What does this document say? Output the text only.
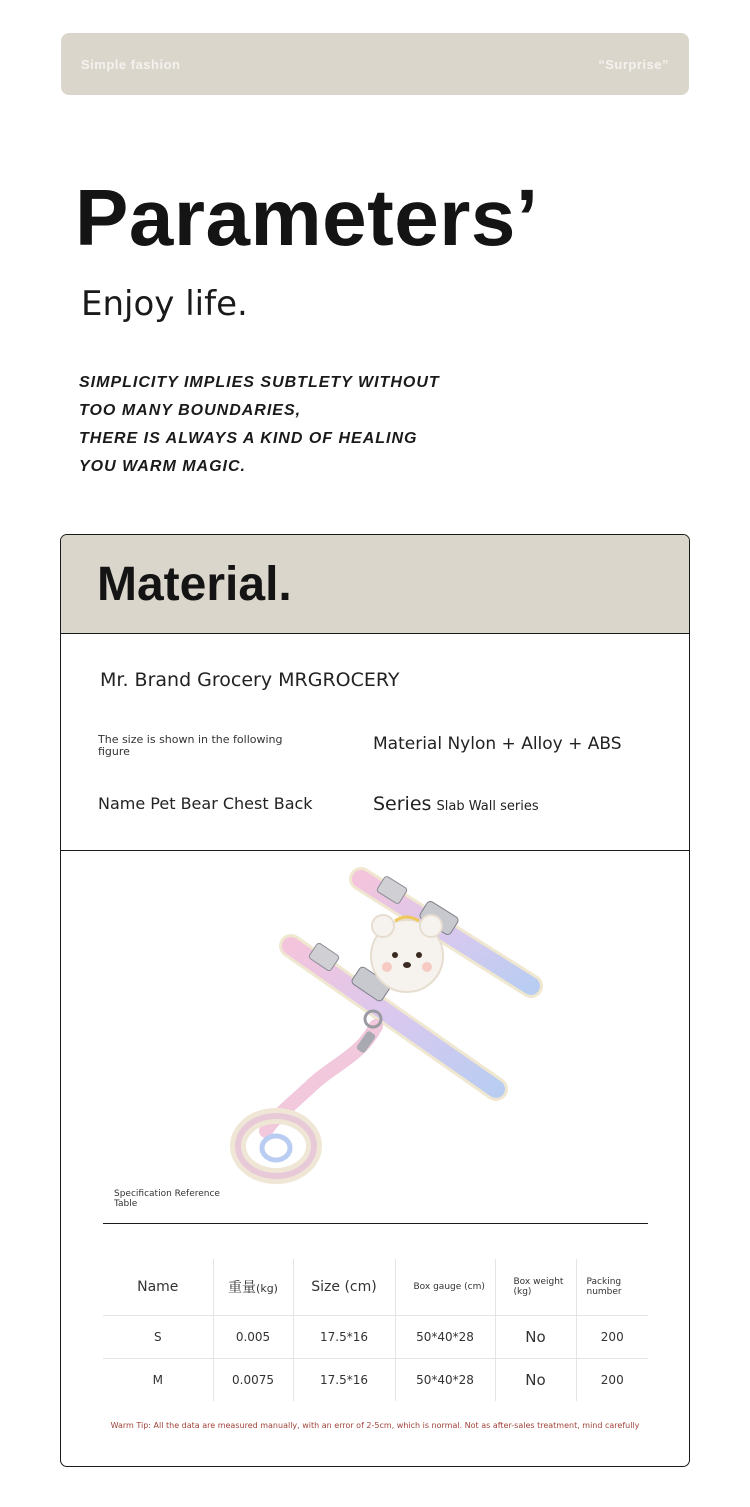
Simple fashion	“Surprise”
Parameters’
Enjoy life.
SIMPLICITY IMPLIES SUBTLETY WITHOUT
TOO MANY BOUNDARIES,
THERE IS ALWAYS A KIND OF HEALING
YOU WARM MAGIC.
Material.
Mr. Brand Grocery MRGROCERY
The size is shown in the following figure	Material Nylon + Alloy + ABS
Name Pet Bear Chest Back	Series Slab Wall series
Specification Reference Table
Name	重量(kg)	Size (cm)	Box gauge (cm)	Box weight (kg)	Packing number
S	0.005	17.5*16	50*40*28	No	200
M	0.0075	17.5*16	50*40*28	No	200
Warm Tip: All the data are measured manually, with an error of 2-5cm, which is normal. Not as after-sales treatment, mind carefully
